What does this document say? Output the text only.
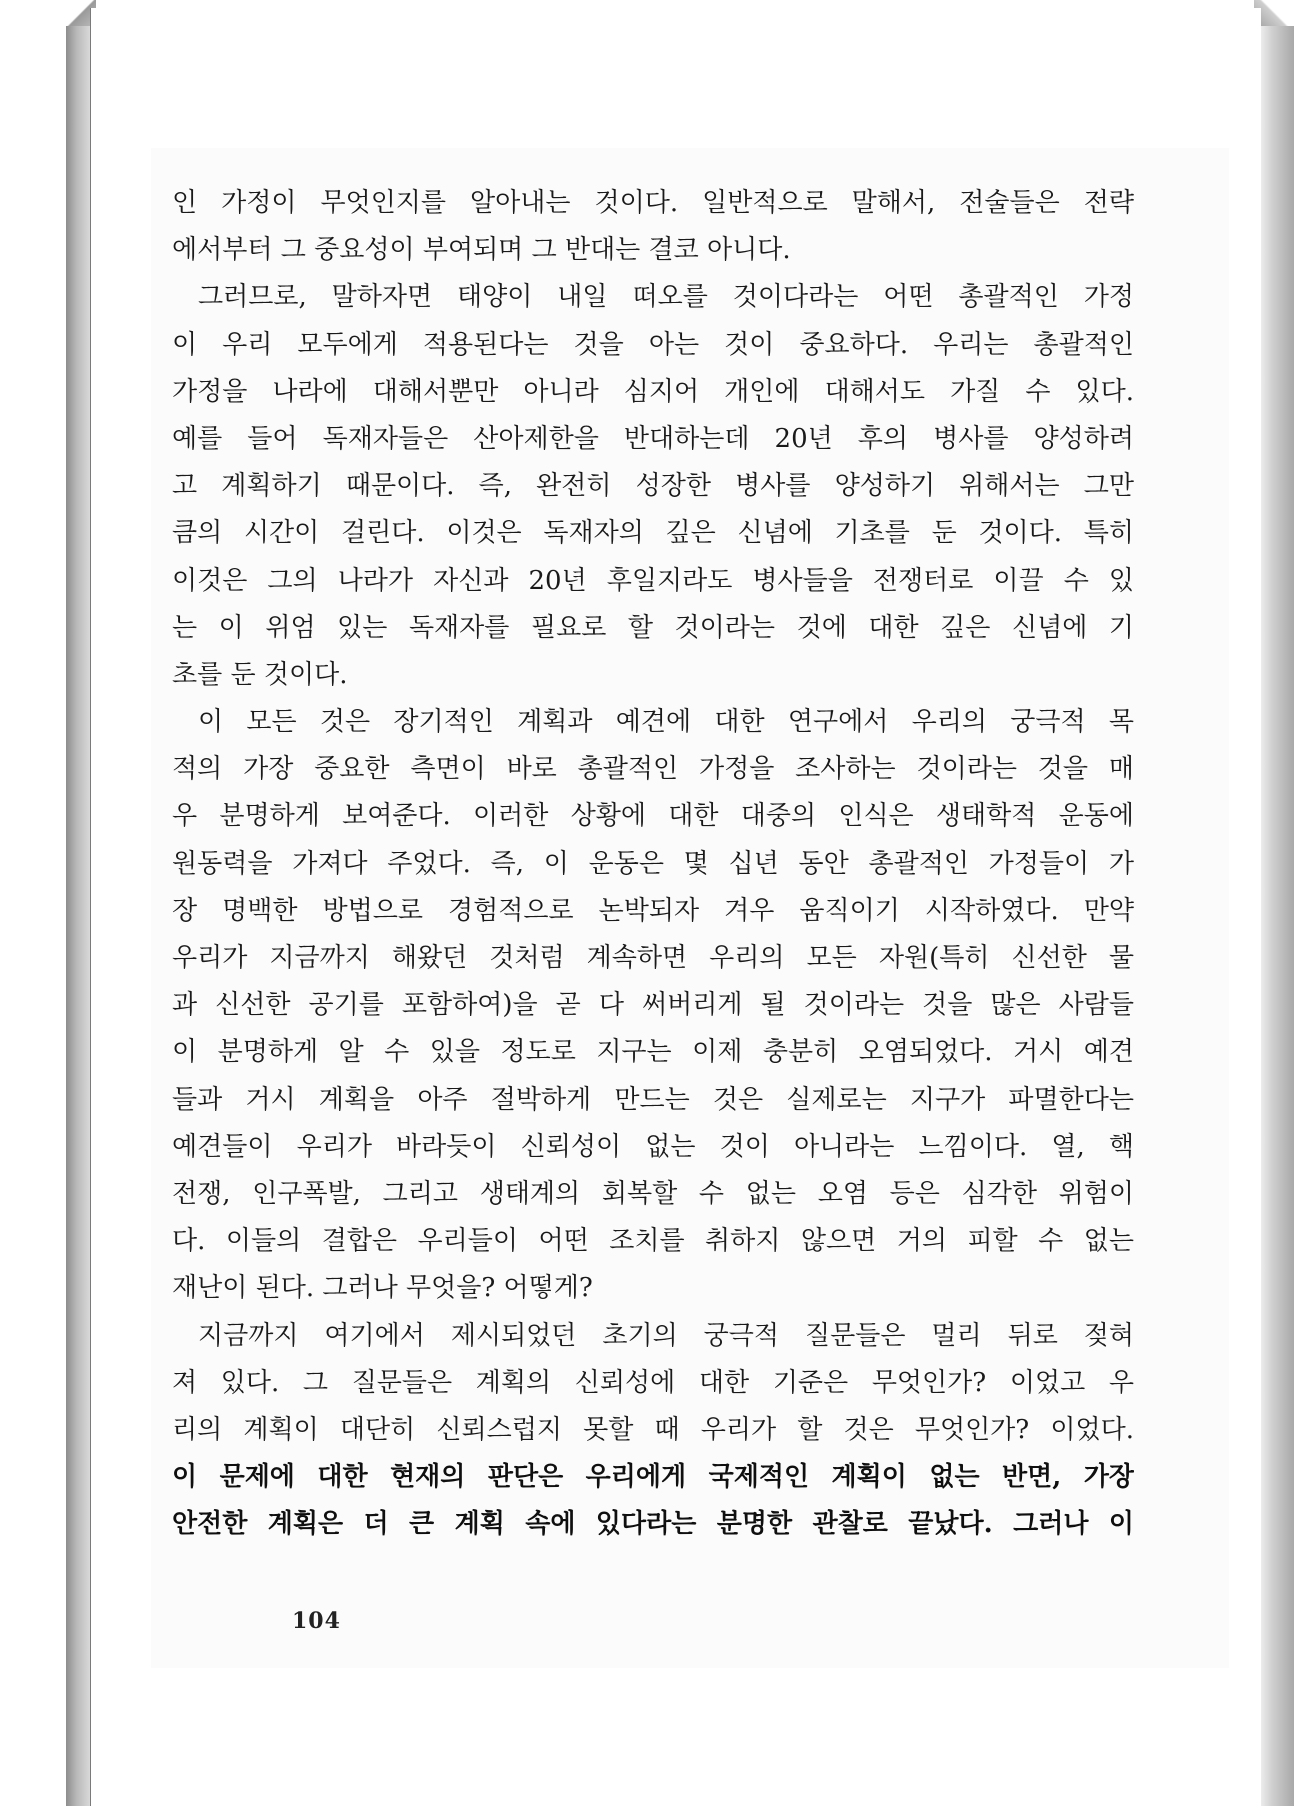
인 가정이 무엇인지를 알아내는 것이다. 일반적으로 말해서, 전술들은 전략
에서부터 그 중요성이 부여되며 그 반대는 결코 아니다.
그러므로, 말하자면 태양이 내일 떠오를 것이다라는 어떤 총괄적인 가정
이 우리 모두에게 적용된다는 것을 아는 것이 중요하다. 우리는 총괄적인
가정을 나라에 대해서뿐만 아니라 심지어 개인에 대해서도 가질 수 있다.
예를 들어 독재자들은 산아제한을 반대하는데 20년 후의 병사를 양성하려
고 계획하기 때문이다. 즉, 완전히 성장한 병사를 양성하기 위해서는 그만
큼의 시간이 걸린다. 이것은 독재자의 깊은 신념에 기초를 둔 것이다. 특히
이것은 그의 나라가 자신과 20년 후일지라도 병사들을 전쟁터로 이끌 수 있
는 이 위엄 있는 독재자를 필요로 할 것이라는 것에 대한 깊은 신념에 기
초를 둔 것이다.
이 모든 것은 장기적인 계획과 예견에 대한 연구에서 우리의 궁극적 목
적의 가장 중요한 측면이 바로 총괄적인 가정을 조사하는 것이라는 것을 매
우 분명하게 보여준다. 이러한 상황에 대한 대중의 인식은 생태학적 운동에
원동력을 가져다 주었다. 즉, 이 운동은 몇 십년 동안 총괄적인 가정들이 가
장 명백한 방법으로 경험적으로 논박되자 겨우 움직이기 시작하였다. 만약
우리가 지금까지 해왔던 것처럼 계속하면 우리의 모든 자원(특히 신선한 물
과 신선한 공기를 포함하여)을 곧 다 써버리게 될 것이라는 것을 많은 사람들
이 분명하게 알 수 있을 정도로 지구는 이제 충분히 오염되었다. 거시 예견
들과 거시 계획을 아주 절박하게 만드는 것은 실제로는 지구가 파멸한다는
예견들이 우리가 바라듯이 신뢰성이 없는 것이 아니라는 느낌이다. 열, 핵
전쟁, 인구폭발, 그리고 생태계의 회복할 수 없는 오염 등은 심각한 위험이
다. 이들의 결합은 우리들이 어떤 조치를 취하지 않으면 거의 피할 수 없는
재난이 된다. 그러나 무엇을? 어떻게?
지금까지 여기에서 제시되었던 초기의 궁극적 질문들은 멀리 뒤로 젖혀
져 있다. 그 질문들은 계획의 신뢰성에 대한 기준은 무엇인가? 이었고 우
리의 계획이 대단히 신뢰스럽지 못할 때 우리가 할 것은 무엇인가? 이었다.
이 문제에 대한 현재의 판단은 우리에게 국제적인 계획이 없는 반면, 가장
안전한 계획은 더 큰 계획 속에 있다라는 분명한 관찰로 끝났다. 그러나 이
104
